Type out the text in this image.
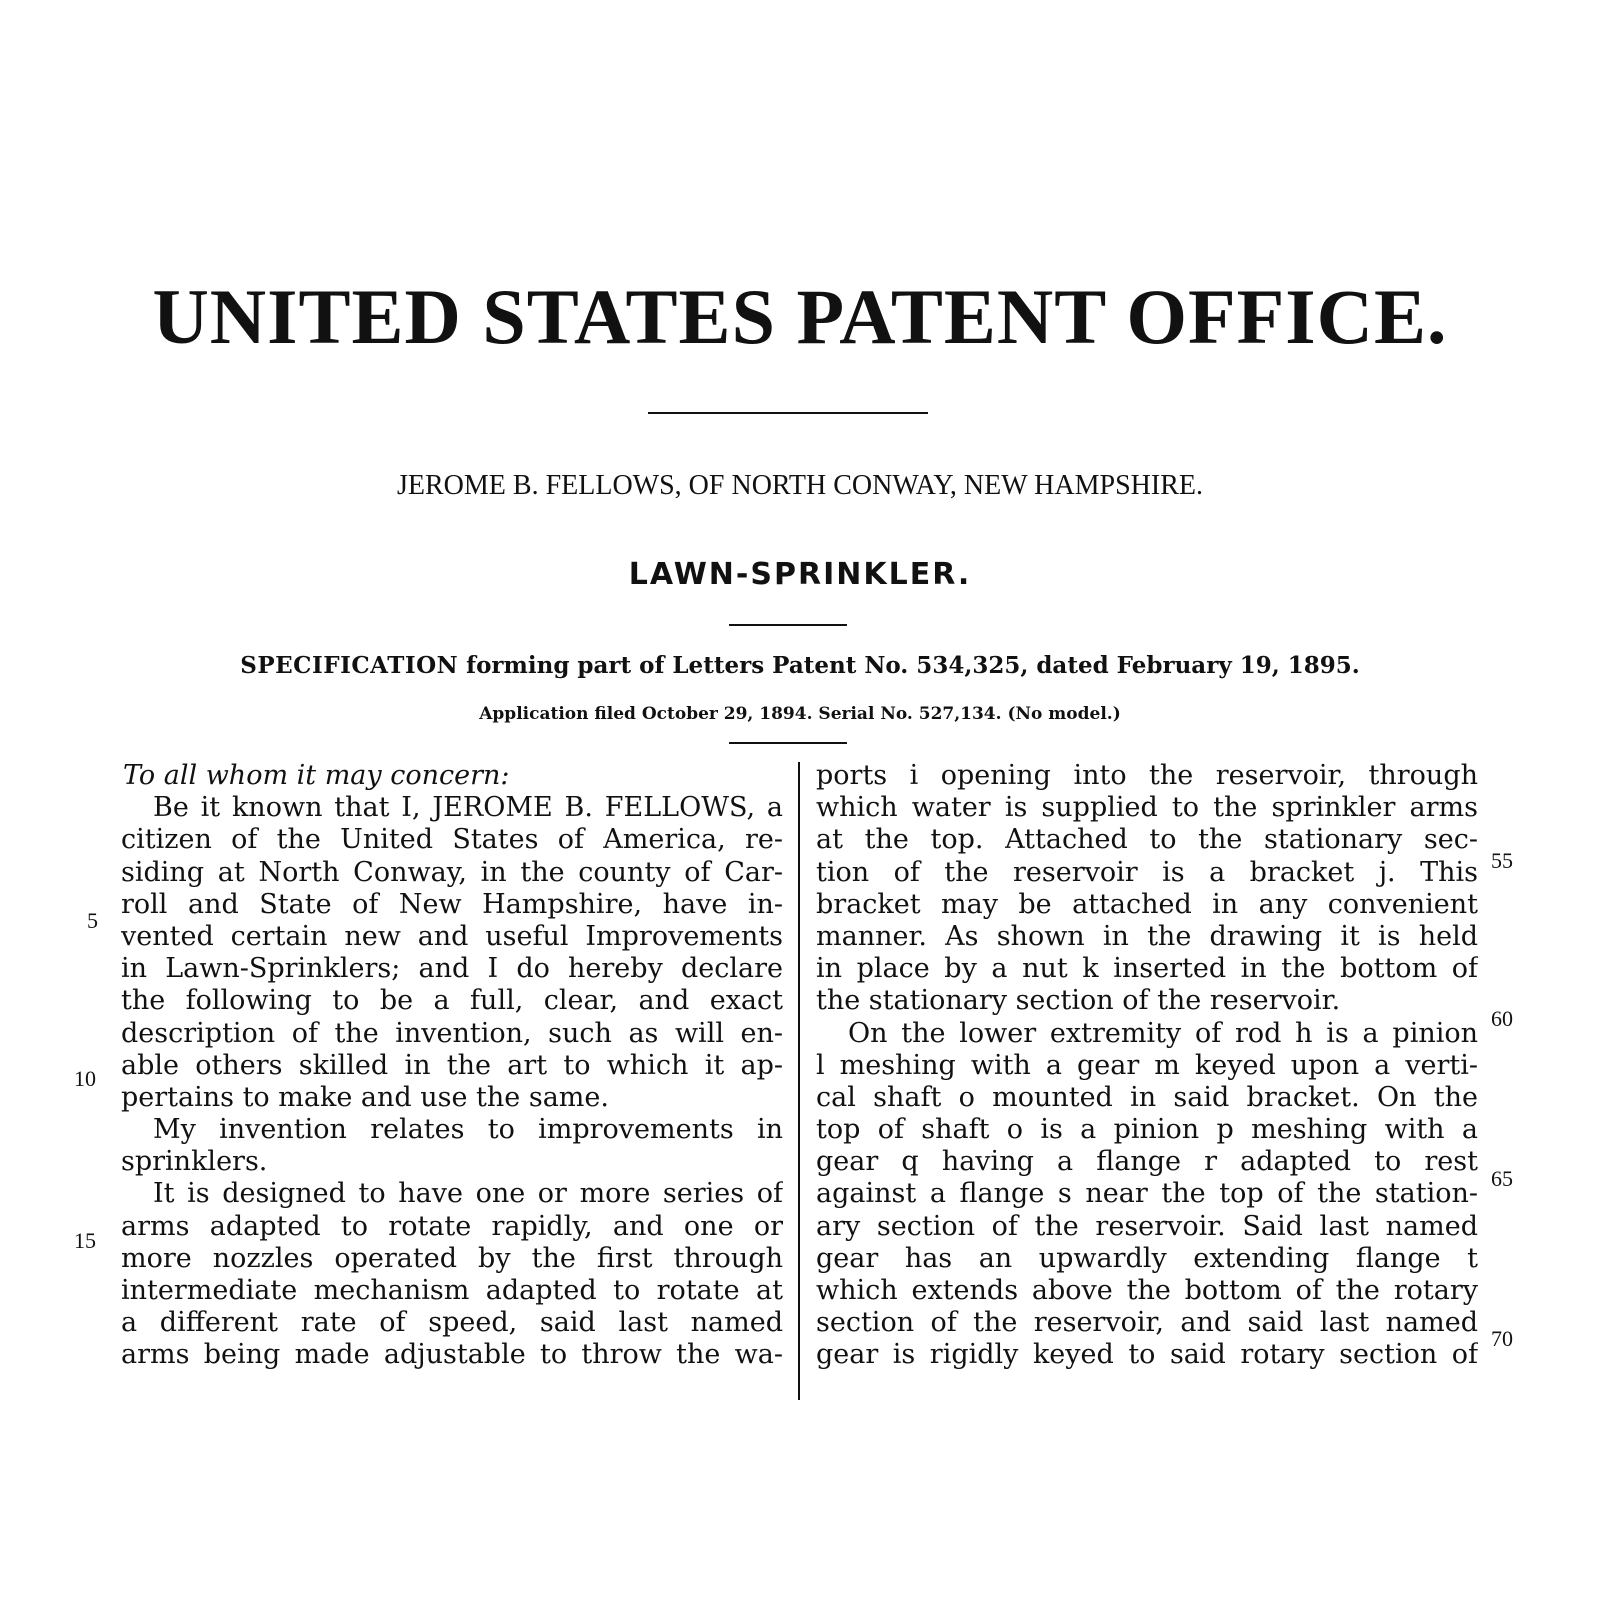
UNITED STATES PATENT OFFICE.
JEROME B. FELLOWS, OF NORTH CONWAY, NEW HAMPSHIRE.
LAWN-SPRINKLER.
SPECIFICATION forming part of Letters Patent No. 534,325, dated February 19, 1895.
Application filed October 29, 1894. Serial No. 527,134. (No model.)
To all whom it may concern:
Be it known that I, JEROME B. FELLOWS, a
citizen of the United States of America, re-
siding at North Conway, in the county of Car-
roll and State of New Hampshire, have in-
vented certain new and useful Improvements
in Lawn-Sprinklers; and I do hereby declare
the following to be a full, clear, and exact
description of the invention, such as will en-
able others skilled in the art to which it ap-
pertains to make and use the same.
My invention relates to improvements in
sprinklers.
It is designed to have one or more series of
arms adapted to rotate rapidly, and one or
more nozzles operated by the first through
intermediate mechanism adapted to rotate at
a different rate of speed, said last named
arms being made adjustable to throw the wa-
ports i opening into the reservoir, through
which water is supplied to the sprinkler arms
at the top. Attached to the stationary sec-
tion of the reservoir is a bracket j. This
bracket may be attached in any convenient
manner. As shown in the drawing it is held
in place by a nut k inserted in the bottom of
the stationary section of the reservoir.
On the lower extremity of rod h is a pinion
l meshing with a gear m keyed upon a verti-
cal shaft o mounted in said bracket. On the
top of shaft o is a pinion p meshing with a
gear q having a flange r adapted to rest
against a flange s near the top of the station-
ary section of the reservoir. Said last named
gear has an upwardly extending flange t
which extends above the bottom of the rotary
section of the reservoir, and said last named
gear is rigidly keyed to said rotary section of
5
10
15
55
60
65
70
